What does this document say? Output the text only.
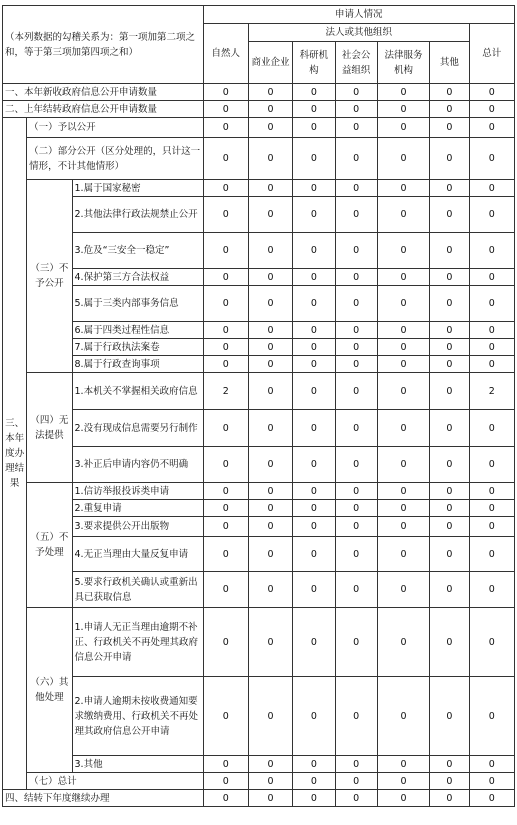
（本列数据的勾稽关系为：第一项加第二项之和，等于第三项加第四项之和）			申请人情况						
			自然人	法人或其他组织					总计
				商业企业	科研机构	社会公益组织	法律服务机构	其他	
一、本年新收政府信息公开申请数量			0	0	0	0	0	0	0
二、上年结转政府信息公开申请数量			0	0	0	0	0	0	0
三、本年度办理结果	（一）予以公开		0	0	0	0	0	0	0
	（二）部分公开（区分处理的，只计这一情形，不计其他情形）		0	0	0	0	0	0	0
	（三）不予公开	1.属于国家秘密	0	0	0	0	0	0	0
		2.其他法律行政法规禁止公开	0	0	0	0	0	0	0
		3.危及“三安全一稳定”	0	0	0	0	0	0	0
		4.保护第三方合法权益	0	0	0	0	0	0	0
		5.属于三类内部事务信息	0	0	0	0	0	0	0
		6.属于四类过程性信息	0	0	0	0	0	0	0
		7.属于行政执法案卷	0	0	0	0	0	0	0
		8.属于行政查询事项	0	0	0	0	0	0	0
	（四）无法提供	1.本机关不掌握相关政府信息	2	0	0	0	0	0	2
		2.没有现成信息需要另行制作	0	0	0	0	0	0	0
		3.补正后申请内容仍不明确	0	0	0	0	0	0	0
	（五）不予处理	1.信访举报投诉类申请	0	0	0	0	0	0	0
		2.重复申请	0	0	0	0	0	0	0
		3.要求提供公开出版物	0	0	0	0	0	0	0
		4.无正当理由大量反复申请	0	0	0	0	0	0	0
		5.要求行政机关确认或重新出具已获取信息	0	0	0	0	0	0	0
	（六）其他处理	1.申请人无正当理由逾期不补正、行政机关不再处理其政府信息公开申请	0	0	0	0	0	0	0
		2.申请人逾期未按收费通知要求缴纳费用、行政机关不再处理其政府信息公开申请	0	0	0	0	0	0	0
		3.其他	0	0	0	0	0	0	0
	（七）总计		0	0	0	0	0	0	0
四、结转下年度继续办理			0	0	0	0	0	0	0
